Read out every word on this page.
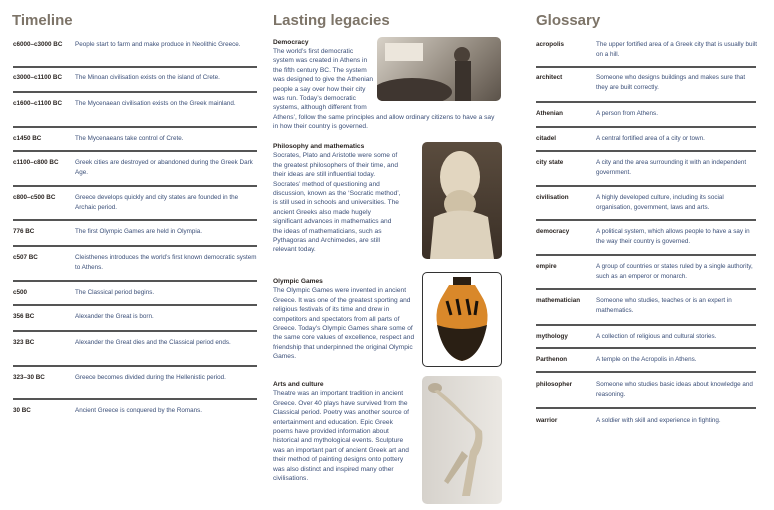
Timeline	Lasting legacies	Glossary
c6000–c3000 BC People start to farm and make produce in Neolithic Greece.
c3000–c1100 BC The Minoan civilisation exists on the island of Crete.
c1600–c1100 BC The Mycenaean civilisation exists on the Greek mainland.
c1450 BC	The Mycenaeans take control of Crete.
c1100–c800 BC	Greek cities are destroyed or abandoned during the Greek Dark Age.
c800–c500 BC	Greece develops quickly and city states are founded in the Archaic period.
776 BC	The first Olympic Games are held in Olympia.
c507 BC	Cleisthenes introduces the world’s first known democratic system to Athens.
c500	The Classical period begins.
356 BC	Alexander the Great is born.
323 BC	Alexander the Great dies and the Classical period ends.
323–30 BC	Greece becomes divided during the Hellenistic period.
30 BC	Ancient Greece is conquered by the Romans.
acropolis	The upper fortified area of a Greek city that is usually built on a hill.
architect	Someone who designs buildings and makes sure that they are built correctly.
Athenian	A person from Athens.
citadel	A central fortified area of a city or town.
city state	A city and the area surrounding it with an independent government.
civilisation	A highly developed culture, including its social organisation, government, laws and arts.
democracy	A political system, which allows people to have a say in the way their country is governed.
empire	A group of countries or states ruled by a single authority, such as an emperor or monarch.
mathematician	Someone who studies, teaches or is an expert in mathematics.
mythology	A collection of religious and cultural stories.
Parthenon	A temple on the Acropolis in Athens.
philosopher	Someone who studies basic ideas about knowledge and reasoning.
warrior	A soldier with skill and experience in fighting.
Democracy
The world’s first democratic system was created in Athens in the fifth century BC. The system was designed to give the Athenian people a say over how their city was run. Today’s democratic systems, although different from Athens’, follow the same principles and allow ordinary citizens to have a say in how their country is governed.
Philosophy and mathematics
Socrates, Plato and Aristotle were some of the greatest philosophers of their time, and their ideas are still influential today. Socrates’ method of questioning and discussion, known as the ‘Socratic method’, is still used in schools and universities. The ancient Greeks also made hugely significant advances in mathematics and the ideas of mathematicians, such as Pythagoras and Archimedes, are still relevant today.
Olympic Games
The Olympic Games were invented in ancient Greece. It was one of the greatest sporting and religious festivals of its time and drew in competitors and spectators from all parts of Greece. Today’s Olympic Games share some of the same core values of excellence, respect and friendship that underpinned the original Olympic Games.
Arts and culture
Theatre was an important tradition in ancient Greece. Over 40 plays have survived from the Classical period. Poetry was another source of entertainment and education. Epic Greek poems have provided information about historical and mythological events. Sculpture was an important part of ancient Greek art and their method of painting designs onto pottery was also distinct and inspired many other civilisations.
